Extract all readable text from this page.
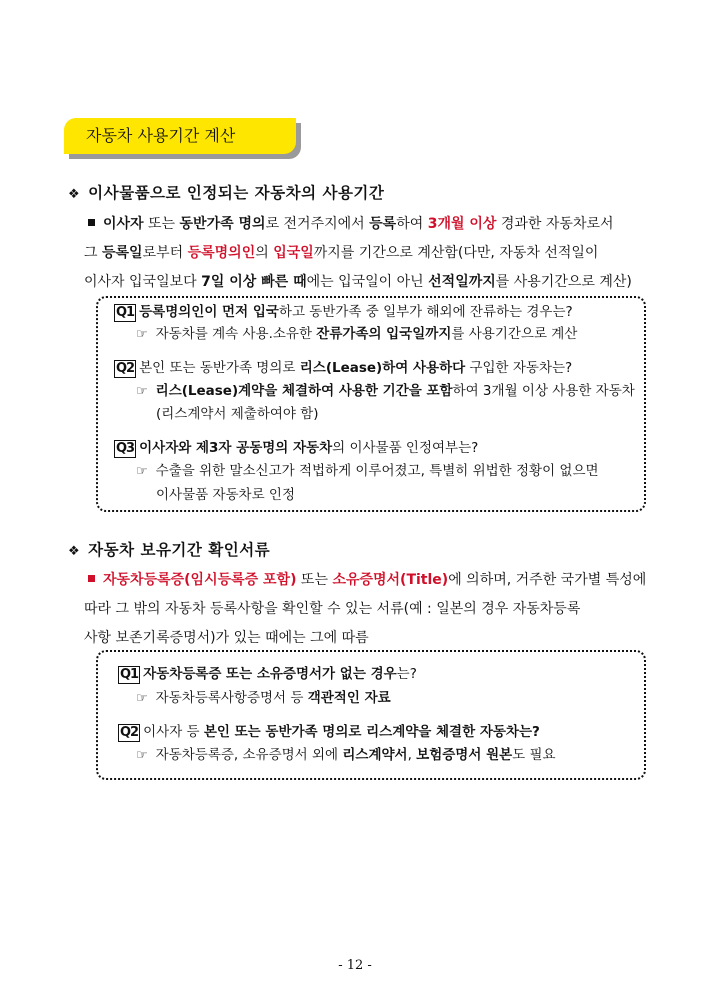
자동차 사용기간 계산
❖ 이사물품으로 인정되는 자동차의 사용기간
이사자 또는 동반가족 명의로 전거주지에서 등록하여 3개월 이상 경과한 자동차로서
그 등록일로부터 등록명의인의 입국일까지를 기간으로 계산함(다만, 자동차 선적일이
이사자 입국일보다 7일 이상 빠른 때에는 입국일이 아닌 선적일까지를 사용기간으로 계산)
Q1 등록명의인이 먼저 입국하고 동반가족 중 일부가 해외에 잔류하는 경우는?
☞ 자동차를 계속 사용.소유한 잔류가족의 입국일까지를 사용기간으로 계산
Q2 본인 또는 동반가족 명의로 리스(Lease)하여 사용하다 구입한 자동차는?
☞ 리스(Lease)계약을 체결하여 사용한 기간을 포함하여 3개월 이상 사용한 자동차
(리스계약서 제출하여야 함)
Q3 이사자와 제3자 공동명의 자동차의 이사물품 인정여부는?
☞ 수출을 위한 말소신고가 적법하게 이루어졌고, 특별히 위법한 정황이 없으면
이사물품 자동차로 인정
❖ 자동차 보유기간 확인서류
자동차등록증(임시등록증 포함) 또는 소유증명서(Title)에 의하며, 거주한 국가별 특성에
따라 그 밖의 자동차 등록사항을 확인할 수 있는 서류(예 : 일본의 경우 자동차등록
사항 보존기록증명서)가 있는 때에는 그에 따름
Q1 자동차등록증 또는 소유증명서가 없는 경우는?
☞ 자동차등록사항증명서 등 객관적인 자료
Q2 이사자 등 본인 또는 동반가족 명의로 리스계약을 체결한 자동차는?
☞ 자동차등록증, 소유증명서 외에 리스계약서, 보험증명서 원본도 필요
- 12 -
